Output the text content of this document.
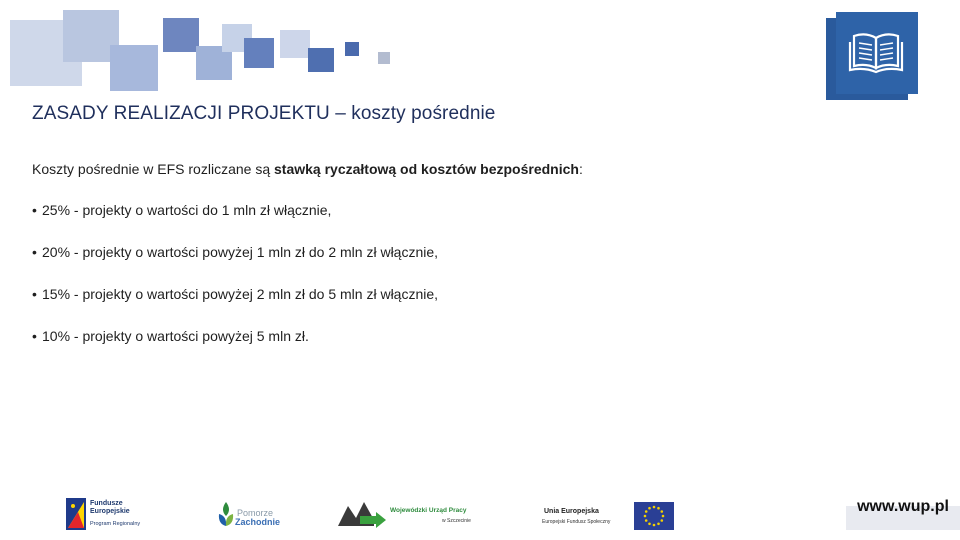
ZASADY REALIZACJI PROJEKTU – koszty pośrednie
Koszty pośrednie w EFS rozliczane są stawką ryczałtową od kosztów bezpośrednich:
• 25% - projekty o wartości do 1 mln zł włącznie,
• 20% - projekty o wartości powyżej 1 mln zł do 2 mln zł włącznie,
• 15% - projekty o wartości powyżej 2 mln zł do 5 mln zł włącznie,
• 10% - projekty o wartości powyżej 5 mln zł.
Fundusze
Europejskie
Program Regionalny
Pomorze
Zachodnie
Wojewódzki Urząd Pracy
w Szczecinie
Unia Europejska
Europejski Fundusz Społeczny
www.wup.pl
